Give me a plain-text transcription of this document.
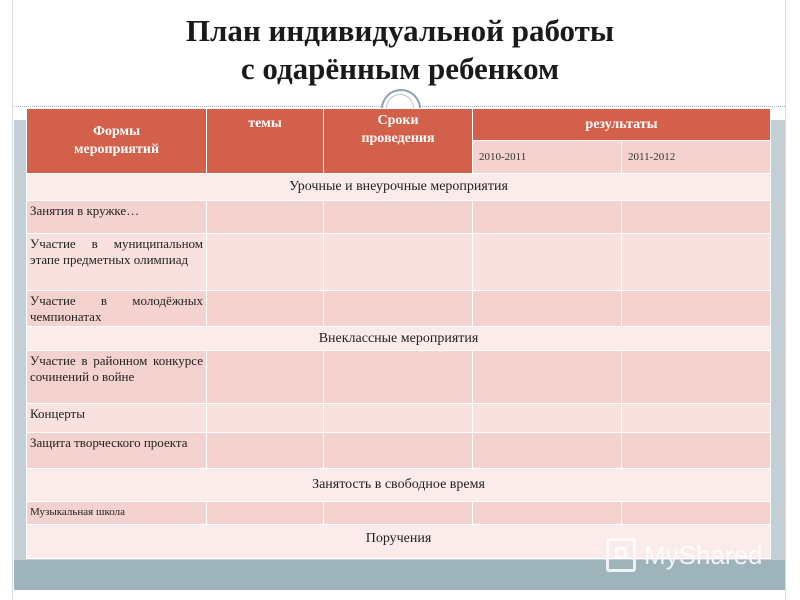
План индивидуальной работы
с одарённым ребенком
Формы мероприятий	темы	Сроки проведения	результаты	
			2010-2011	2011-2012
Урочные и внеурочные мероприятия				
Занятия в кружке…				
Участие в муниципальном этапе предметных олимпиад				
Участие в молодёжных чемпионатах				
Внеклассные мероприятия				
Участие в районном конкурсе сочинений о войне				
Концерты				
Защита творческого проекта				
Занятость в свободное время				
Музыкальная школа				
Поручения				
MyShared
